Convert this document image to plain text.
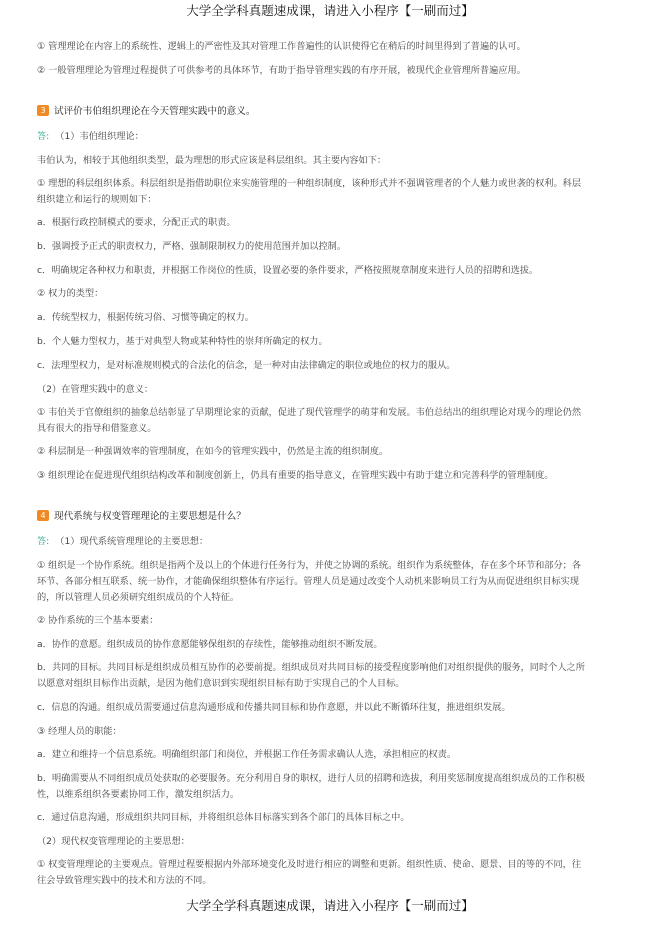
大学全学科真题速成课，请进入小程序【一刷而过】
① 管理理论在内容上的系统性、逻辑上的严密性及其对管理工作普遍性的认识使得它在稍后的时间里得到了普遍的认可。
② 一般管理理论为管理过程提供了可供参考的具体环节，有助于指导管理实践的有序开展，被现代企业管理所普遍应用。
3 试评价韦伯组织理论在今天管理实践中的意义。
答: （1）韦伯组织理论：
韦伯认为，相较于其他组织类型，最为理想的形式应该是科层组织。其主要内容如下：
① 理想的科层组织体系。科层组织是指借助职位来实施管理的一种组织制度，该种形式并不强调管理者的个人魅力或世袭的权利。科层
组织建立和运行的规则如下：
a．根据行政控制模式的要求，分配正式的职责。
b．强调授予正式的职责权力，严格、强制限制权力的使用范围并加以控制。
c．明确规定各种权力和职责，并根据工作岗位的性质，设置必要的条件要求，严格按照规章制度来进行人员的招聘和选拔。
② 权力的类型：
a．传统型权力，根据传统习俗、习惯等确定的权力。
b．个人魅力型权力，基于对典型人物或某种特性的崇拜所确定的权力。
c．法理型权力，是对标准规则模式的合法化的信念，是一种对由法律确定的职位或地位的权力的服从。
（2）在管理实践中的意义：
① 韦伯关于官僚组织的抽象总结彰显了早期理论家的贡献，促进了现代管理学的萌芽和发展。韦伯总结出的组织理论对现今的理论仍然
具有很大的指导和借鉴意义。
② 科层制是一种强调效率的管理制度，在如今的管理实践中，仍然是主流的组织制度。
③ 组织理论在促进现代组织结构改革和制度创新上，仍具有重要的指导意义，在管理实践中有助于建立和完善科学的管理制度。
4 现代系统与权变管理理论的主要思想是什么？
答: （1）现代系统管理理论的主要思想：
① 组织是一个协作系统。组织是指两个及以上的个体进行任务行为，并使之协调的系统。组织作为系统整体，存在多个环节和部分；各
环节、各部分相互联系、统一协作，才能确保组织整体有序运行。管理人员是通过改变个人动机来影响员工行为从而促进组织目标实现
的，所以管理人员必须研究组织成员的个人特征。
② 协作系统的三个基本要素：
a．协作的意愿。组织成员的协作意愿能够保组织的存续性，能够推动组织不断发展。
b．共同的目标。共同目标是组织成员相互协作的必要前提。组织成员对共同目标的接受程度影响他们对组织提供的服务，同时个人之所
以愿意对组织目标作出贡献，是因为他们意识到实现组织目标有助于实现自己的个人目标。
c．信息的沟通。组织成员需要通过信息沟通形成和传播共同目标和协作意愿，并以此不断循环往复，推进组织发展。
③ 经理人员的职能：
a．建立和维持一个信息系统。明确组织部门和岗位，并根据工作任务需求确认人选，承担相应的权责。
b．明确需要从不同组织成员处获取的必要服务。充分利用自身的职权，进行人员的招聘和选拔，利用奖惩制度提高组织成员的工作积极
性，以维系组织各要素协同工作，激发组织活力。
c．通过信息沟通，形成组织共同目标，并将组织总体目标落实到各个部门的具体目标之中。
（2）现代权变管理理论的主要思想：
① 权变管理理论的主要观点。管理过程要根据内外部环境变化及时进行相应的调整和更新。组织性质、使命、愿景、目的等的不同，往
往会导致管理实践中的技术和方法的不同。
大学全学科真题速成课，请进入小程序【一刷而过】
